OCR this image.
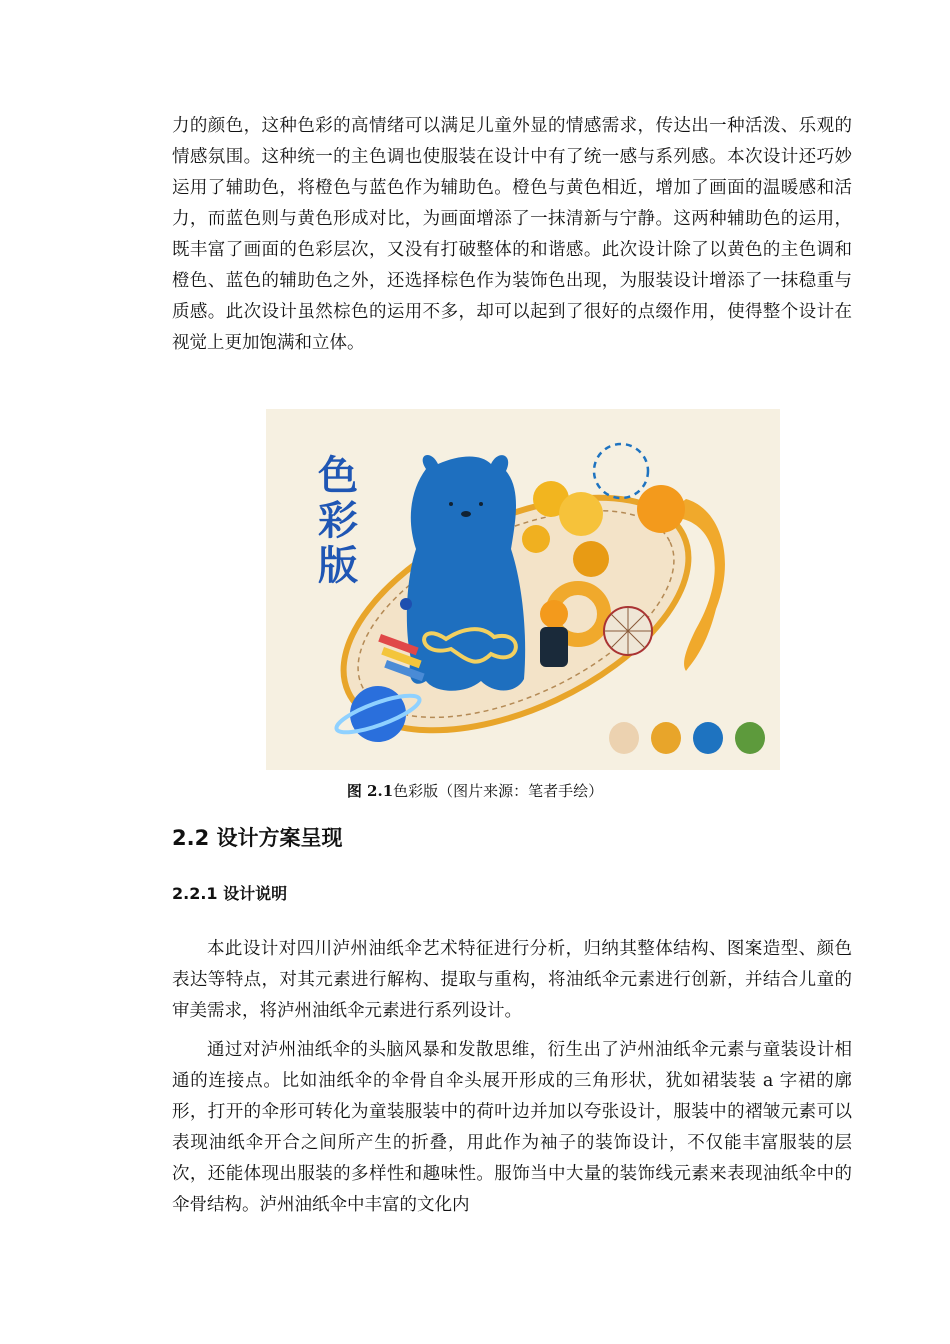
力的颜色，这种色彩的高情绪可以满足儿童外显的情感需求，传达出一种活泼、乐观的情感氛围。这种统一的主色调也使服装在设计中有了统一感与系列感。本次设计还巧妙运用了辅助色，将橙色与蓝色作为辅助色。橙色与黄色相近，增加了画面的温暖感和活力，而蓝色则与黄色形成对比，为画面增添了一抹清新与宁静。这两种辅助色的运用，既丰富了画面的色彩层次，又没有打破整体的和谐感。此次设计除了以黄色的主色调和橙色、蓝色的辅助色之外，还选择棕色作为装饰色出现，为服装设计增添了一抹稳重与质感。此次设计虽然棕色的运用不多，却可以起到了很好的点缀作用，使得整个设计在视觉上更加饱满和立体。

色
彩
版
图 2.1色彩版（图片来源：笔者手绘）
2.2 设计方案呈现
2.2.1 设计说明

本此设计对四川泸州油纸伞艺术特征进行分析，归纳其整体结构、图案造型、颜色表达等特点，对其元素进行解构、提取与重构，将油纸伞元素进行创新，并结合儿童的审美需求，将泸州油纸伞元素进行系列设计。

通过对泸州油纸伞的头脑风暴和发散思维，衍生出了泸州油纸伞元素与童装设计相通的连接点。比如油纸伞的伞骨自伞头展开形成的三角形状，犹如裙装装 a 字裙的廓形，打开的伞形可转化为童装服装中的荷叶边并加以夸张设计，服装中的褶皱元素可以表现油纸伞开合之间所产生的折叠，用此作为袖子的装饰设计，不仅能丰富服装的层次，还能体现出服装的多样性和趣味性。服饰当中大量的装饰线元素来表现油纸伞中的伞骨结构。泸州油纸伞中丰富的文化内
